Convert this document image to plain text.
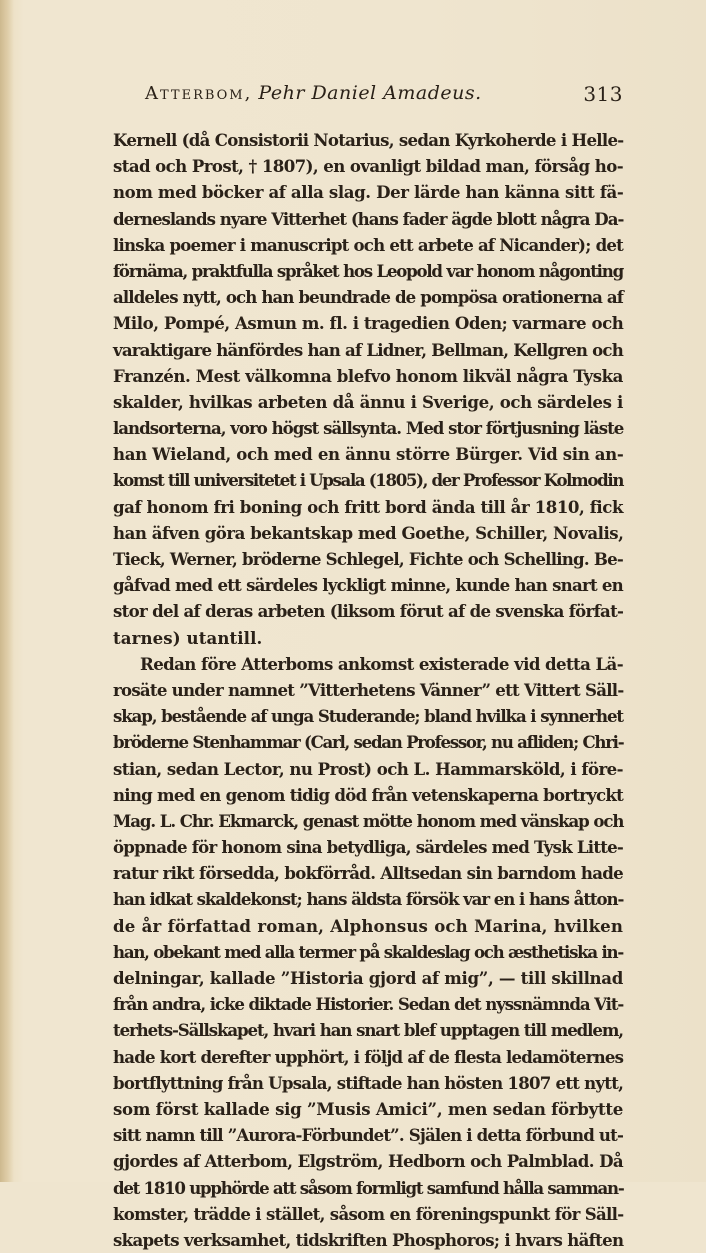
Atterbom, Pehr Daniel Amadeus.	313
Kernell (då Consistorii Notarius, sedan Kyrkoherde i Helle-
stad och Prost, † 1807), en ovanligt bildad man, försåg ho-
nom med böcker af alla slag. Der lärde han känna sitt fä-
derneslands nyare Vitterhet (hans fader ägde blott några Da-
linska poemer i manuscript och ett arbete af Nicander); det
förnäma, praktfulla språket hos Leopold var honom någonting
alldeles nytt, och han beundrade de pompösa orationerna af
Milo, Pompé, Asmun m. fl. i tragedien Oden; varmare och
varaktigare hänfördes han af Lidner, Bellman, Kellgren och
Franzén. Mest välkomna blefvo honom likväl några Tyska
skalder, hvilkas arbeten då ännu i Sverige, och särdeles i
landsorterna, voro högst sällsynta. Med stor förtjusning läste
han Wieland, och med en ännu större Bürger. Vid sin an-
komst till universitetet i Upsala (1805), der Professor Kolmodin
gaf honom fri boning och fritt bord ända till år 1810, fick
han äfven göra bekantskap med Goethe, Schiller, Novalis,
Tieck, Werner, bröderne Schlegel, Fichte och Schelling. Be-
gåfvad med ett särdeles lyckligt minne, kunde han snart en
stor del af deras arbeten (liksom förut af de svenska förfat-
tarnes) utantill.
Redan före Atterboms ankomst existerade vid detta Lä-
rosäte under namnet ”Vitterhetens Vänner” ett Vittert Säll-
skap, bestående af unga Studerande; bland hvilka i synnerhet
bröderne Stenhammar (Carl, sedan Professor, nu afliden; Chri-
stian, sedan Lector, nu Prost) och L. Hammarsköld, i före-
ning med en genom tidig död från vetenskaperna bortryckt
Mag. L. Chr. Ekmarck, genast mötte honom med vänskap och
öppnade för honom sina betydliga, särdeles med Tysk Litte-
ratur rikt försedda, bokförråd. Alltsedan sin barndom hade
han idkat skaldekonst; hans äldsta försök var en i hans åtton-
de år författad roman, Alphonsus och Marina, hvilken
han, obekant med alla termer på skaldeslag och æsthetiska in-
delningar, kallade ”Historia gjord af mig”, — till skillnad
från andra, icke diktade Historier. Sedan det nyssnämnda Vit-
terhets-Sällskapet, hvari han snart blef upptagen till medlem,
hade kort derefter upphört, i följd af de flesta ledamöternes
bortflyttning från Upsala, stiftade han hösten 1807 ett nytt,
som först kallade sig ”Musis Amici”, men sedan förbytte
sitt namn till ”Aurora-Förbundet”. Själen i detta förbund ut-
gjordes af Atterbom, Elgström, Hedborn och Palmblad. Då
det 1810 upphörde att såsom formligt samfund hålla samman-
komster, trädde i stället, såsom en föreningspunkt för Säll-
skapets verksamhet, tidskriften Phosphoros; i hvars häften
